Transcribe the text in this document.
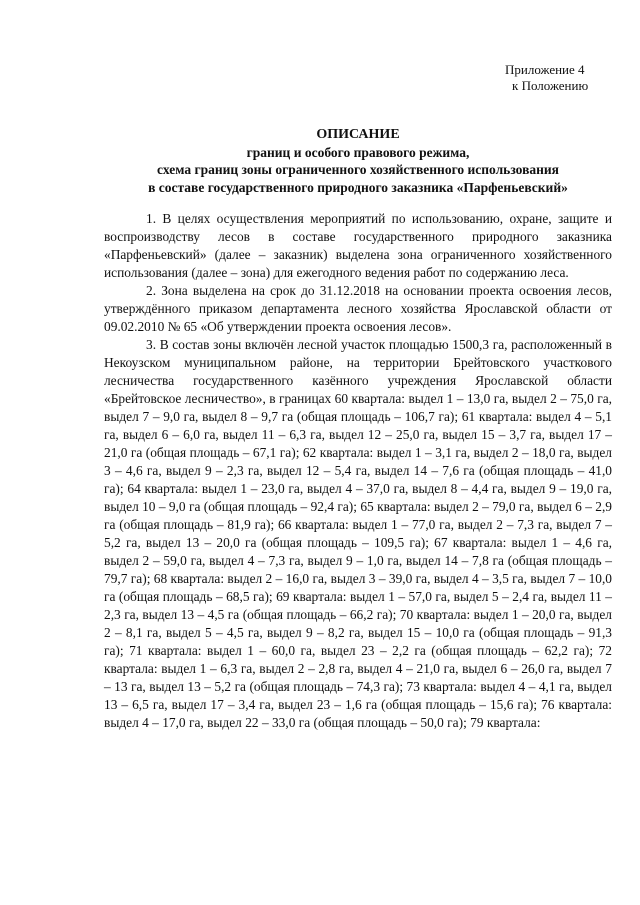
Приложение 4
к Положению
ОПИСАНИЕ
границ и особого правового режима,
схема границ зоны ограниченного хозяйственного использования
в составе государственного природного заказника «Парфеньевский»

1. В целях осуществления мероприятий по использованию, охране, защите и воспроизводству лесов в составе государственного природного заказника «Парфеньевский» (далее – заказник) выделена зона ограниченного хозяйственного использования (далее – зона) для ежегодного ведения работ по содержанию леса.

2. Зона выделена на срок до 31.12.2018 на основании проекта освоения лесов, утверждённого приказом департамента лесного хозяйства Ярославской области от 09.02.2010 № 65 «Об утверждении проекта освоения лесов».

3. В состав зоны включён лесной участок площадью 1500,3 га, расположенный в Некоузском муниципальном районе, на территории Брейтовского участкового лесничества государственного казённого учреждения Ярославской области «Брейтовское лесничество», в границах 60 квартала: выдел 1 – 13,0 га, выдел 2 – 75,0 га, выдел 7 – 9,0 га, выдел 8 – 9,7 га (общая площадь – 106,7 га); 61 квартала: выдел 4 – 5,1 га, выдел 6 – 6,0 га, выдел 11 – 6,3 га, выдел 12 – 25,0 га, выдел 15 – 3,7 га, выдел 17 – 21,0 га (общая площадь – 67,1 га); 62 квартала: выдел 1 – 3,1 га, выдел 2 – 18,0 га, выдел 3 – 4,6 га, выдел 9 – 2,3 га, выдел 12 – 5,4 га, выдел 14 – 7,6 га (общая площадь – 41,0 га); 64 квартала: выдел 1 – 23,0 га, выдел 4 – 37,0 га, выдел 8 – 4,4 га, выдел 9 – 19,0 га, выдел 10 – 9,0 га (общая площадь – 92,4 га); 65 квартала: выдел 2 – 79,0 га, выдел 6 – 2,9 га (общая площадь – 81,9 га); 66 квартала: выдел 1 – 77,0 га, выдел 2 – 7,3 га, выдел 7 – 5,2 га, выдел 13 – 20,0 га (общая площадь – 109,5 га); 67 квартала: выдел 1 – 4,6 га, выдел 2 – 59,0 га, выдел 4 – 7,3 га, выдел 9 – 1,0 га, выдел 14 – 7,8 га (общая площадь – 79,7 га); 68 квартала: выдел 2 – 16,0 га, выдел 3 – 39,0 га, выдел 4 – 3,5 га, выдел 7 – 10,0 га (общая площадь – 68,5 га); 69 квартала: выдел 1 – 57,0 га, выдел 5 – 2,4 га, выдел 11 – 2,3 га, выдел 13 – 4,5 га (общая площадь – 66,2 га); 70 квартала: выдел 1 – 20,0 га, выдел 2 – 8,1 га, выдел 5 – 4,5 га, выдел 9 – 8,2 га, выдел 15 – 10,0 га (общая площадь – 91,3 га); 71 квартала: выдел 1 – 60,0 га, выдел 23 – 2,2 га (общая площадь – 62,2 га); 72 квартала: выдел 1 – 6,3 га, выдел 2 – 2,8 га, выдел 4 – 21,0 га, выдел 6 – 26,0 га, выдел 7 – 13 га, выдел 13 – 5,2 га (общая площадь – 74,3 га); 73 квартала: выдел 4 – 4,1 га, выдел 13 – 6,5 га, выдел 17 – 3,4 га, выдел 23 – 1,6 га (общая площадь – 15,6 га); 76 квартала: выдел 4 – 17,0 га, выдел 22 – 33,0 га (общая площадь – 50,0 га); 79 квартала:
